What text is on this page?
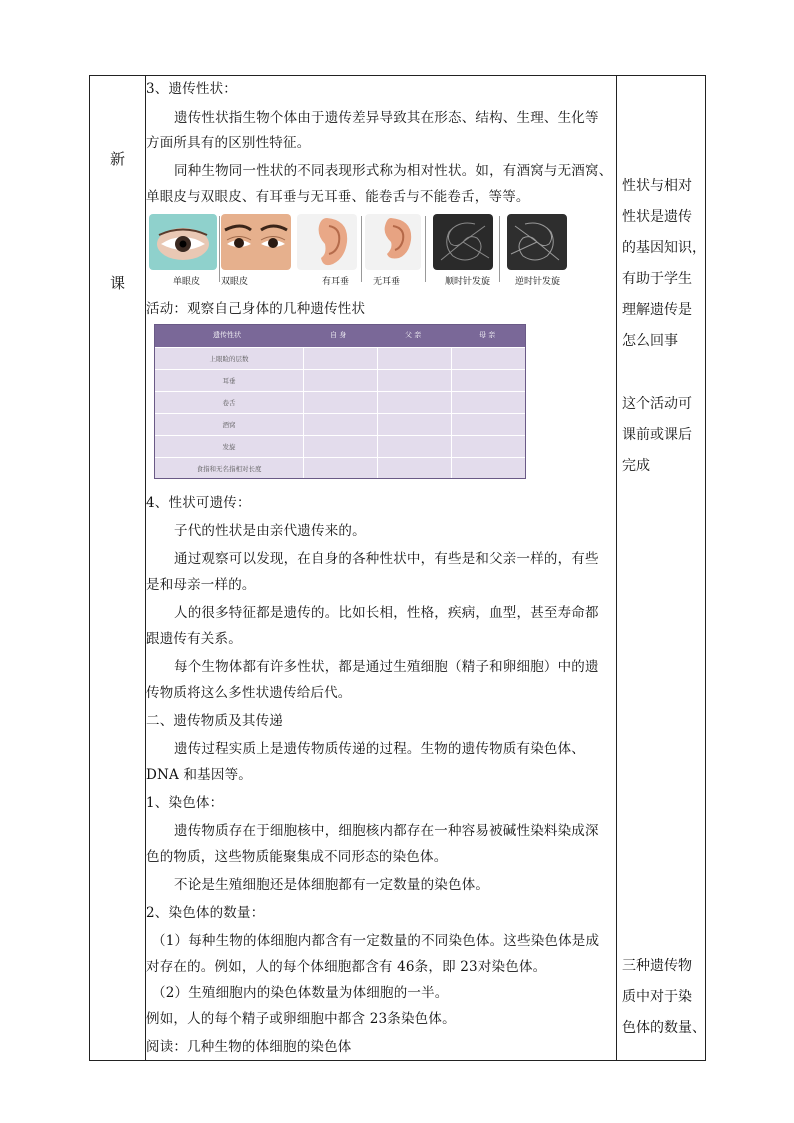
新
课
3、遗传性状：
遗传性状指生物个体由于遗传差异导致其在形态、结构、生理、生化等
方面所具有的区别性特征。
同种生物同一性状的不同表现形式称为相对性状。如，有酒窝与无酒窝、
单眼皮与双眼皮、有耳垂与无耳垂、能卷舌与不能卷舌，等等。
活动：观察自己身体的几种遗传性状
4、性状可遗传：
子代的性状是由亲代遗传来的。
通过观察可以发现，在自身的各种性状中，有些是和父亲一样的，有些
是和母亲一样的。
人的很多特征都是遗传的。比如长相，性格，疾病，血型，甚至寿命都
跟遗传有关系。
每个生物体都有许多性状，都是通过生殖细胞（精子和卵细胞）中的遗
传物质将这么多性状遗传给后代。
二、遗传物质及其传递
遗传过程实质上是遗传物质传递的过程。生物的遗传物质有染色体、
DNA 和基因等。
1、染色体：
遗传物质存在于细胞核中，细胞核内都存在一种容易被碱性染料染成深
色的物质，这些物质能聚集成不同形态的染色体。
不论是生殖细胞还是体细胞都有一定数量的染色体。
2、染色体的数量：
（1）每种生物的体细胞内都含有一定数量的不同染色体。这些染色体是成
对存在的。例如，人的每个体细胞都含有 46条，即 23对染色体。
（2）生殖细胞内的染色体数量为体细胞的一半。
例如，人的每个精子或卵细胞中都含 23条染色体。
阅读：几种生物的体细胞的染色体
单眼皮 双眼皮	有耳垂	无耳垂	顺时针发旋	逆时针发旋
遗传性状	自 身	父 亲	母 亲
上眼睑的层数
耳垂
卷舌
酒窝
发旋
食指和无名指相对长度
性状与相对
性状是遗传
的基因知识，
有助于学生
理解遗传是
怎么回事
这个活动可
课前或课后
完成
三种遗传物
质中对于染
色体的数量、
